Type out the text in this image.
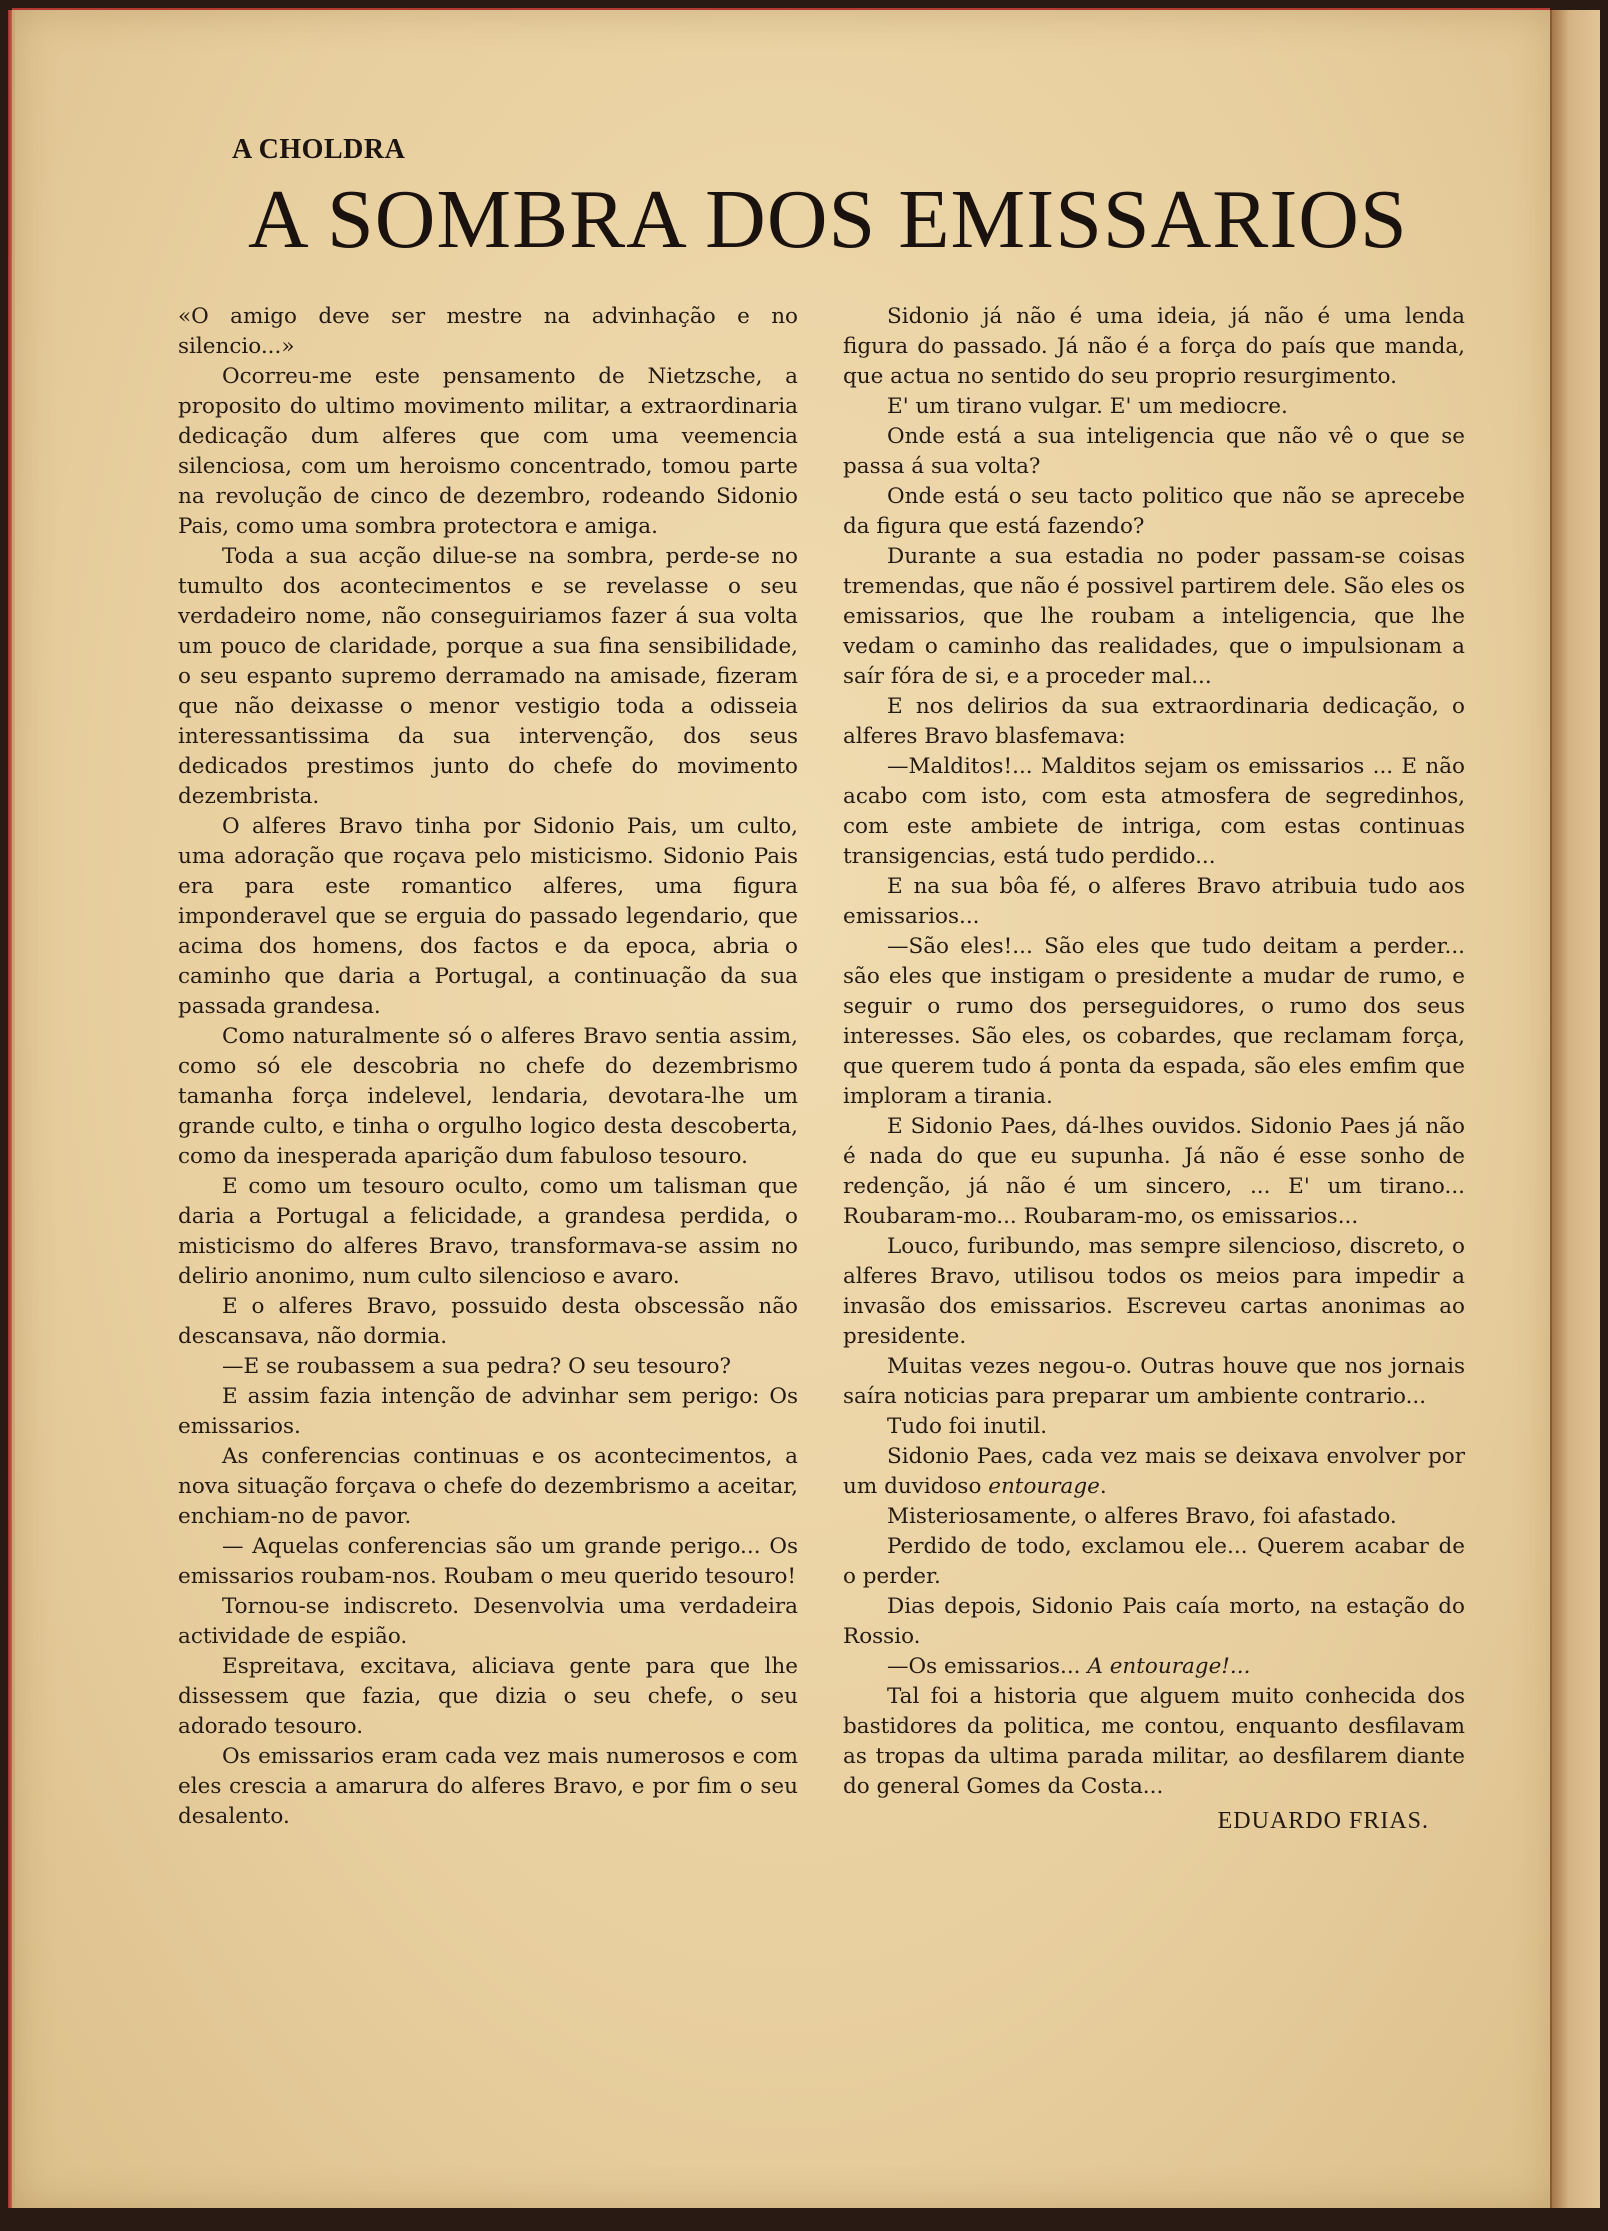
A CHOLDRA
A SOMBRA DOS EMISSARIOS

«O amigo deve ser mestre na advinhação e no silencio...»

Ocorreu-me este pensamento de Nietzsche, a proposito do ultimo movimento militar, a extraordinaria dedicação dum alferes que com uma veemencia silenciosa, com um heroismo concentrado, tomou parte na revolução de cinco de dezembro, rodeando Sidonio Pais, como uma sombra protectora e amiga.

Toda a sua acção dilue-se na sombra, perde-se no tumulto dos acontecimentos e se revelasse o seu verdadeiro nome, não conseguiriamos fazer á sua volta um pouco de claridade, porque a sua fina sensibilidade, o seu espanto supremo derramado na amisade, fizeram que não deixasse o menor vestigio toda a odisseia interessantissima da sua intervenção, dos seus dedicados prestimos junto do chefe do movimento dezembrista.

O alferes Bravo tinha por Sidonio Pais, um culto, uma adoração que roçava pelo misticismo. Sidonio Pais era para este romantico alferes, uma figura imponderavel que se erguia do passado legendario, que acima dos homens, dos factos e da epoca, abria o caminho que daria a Portugal, a continuação da sua passada grandesa.

Como naturalmente só o alferes Bravo sentia assim, como só ele descobria no chefe do dezembrismo tamanha força indelevel, lendaria, devotara-lhe um grande culto, e tinha o orgulho logico desta descoberta, como da inesperada aparição dum fabuloso tesouro.

E como um tesouro oculto, como um talisman que daria a Portugal a felicidade, a grandesa perdida, o misticismo do alferes Bravo, transformava-se assim no delirio anonimo, num culto silencioso e avaro.

E o alferes Bravo, possuido desta obscessão não descansava, não dormia.

—E se roubassem a sua pedra? O seu tesouro?

E assim fazia intenção de advinhar sem perigo: Os emissarios.

As conferencias continuas e os acontecimentos, a nova situação forçava o chefe do dezembrismo a aceitar, enchiam-no de pavor.

— Aquelas conferencias são um grande perigo... Os emissarios roubam-nos. Roubam o meu querido tesouro!

Tornou-se indiscreto. Desenvolvia uma verdadeira actividade de espião.

Espreitava, excitava, aliciava gente para que lhe dissessem que fazia, que dizia o seu chefe, o seu adorado tesouro.

Os emissarios eram cada vez mais numerosos e com eles crescia a amarura do alferes Bravo, e por fim o seu desalento.

Sidonio já não é uma ideia, já não é uma lenda figura do passado. Já não é a força do país que manda, que actua no sentido do seu proprio resurgimento.

E' um tirano vulgar. E' um mediocre.

Onde está a sua inteligencia que não vê o que se passa á sua volta?

Onde está o seu tacto politico que não se aprecebe da figura que está fazendo?

Durante a sua estadia no poder passam-se coisas tremendas, que não é possivel partirem dele. São eles os emissarios, que lhe roubam a inteligencia, que lhe vedam o caminho das realidades, que o impulsionam a saír fóra de si, e a proceder mal...

E nos delirios da sua extraordinaria dedicação, o alferes Bravo blasfemava:

—Malditos!... Malditos sejam os emissarios ... E não acabo com isto, com esta atmosfera de segredinhos, com este ambiete de intriga, com estas continuas transigencias, está tudo perdido...

E na sua bôa fé, o alferes Bravo atribuia tudo aos emissarios...

—São eles!... São eles que tudo deitam a perder... são eles que instigam o presidente a mudar de rumo, e seguir o rumo dos perseguidores, o rumo dos seus interesses. São eles, os cobardes, que reclamam força, que querem tudo á ponta da espada, são eles emfim que imploram a tirania.

E Sidonio Paes, dá-lhes ouvidos. Sidonio Paes já não é nada do que eu supunha. Já não é esse sonho de redenção, já não é um sincero, ... E' um tirano... Roubaram-mo... Roubaram-mo, os emissarios...

Louco, furibundo, mas sempre silencioso, discreto, o alferes Bravo, utilisou todos os meios para impedir a invasão dos emissarios. Escreveu cartas anonimas ao presidente.

Muitas vezes negou-o. Outras houve que nos jornais saíra noticias para preparar um ambiente contrario...

Tudo foi inutil.

Sidonio Paes, cada vez mais se deixava envolver por um duvidoso entourage.

Misteriosamente, o alferes Bravo, foi afastado.

Perdido de todo, exclamou ele... Querem acabar de o perder.

Dias depois, Sidonio Pais caía morto, na estação do Rossio.

—Os emissarios... A entourage!...

Tal foi a historia que alguem muito conhecida dos bastidores da politica, me contou, enquanto desfilavam as tropas da ultima parada militar, ao desfilarem diante do general Gomes da Costa...

EDUARDO FRIAS.
